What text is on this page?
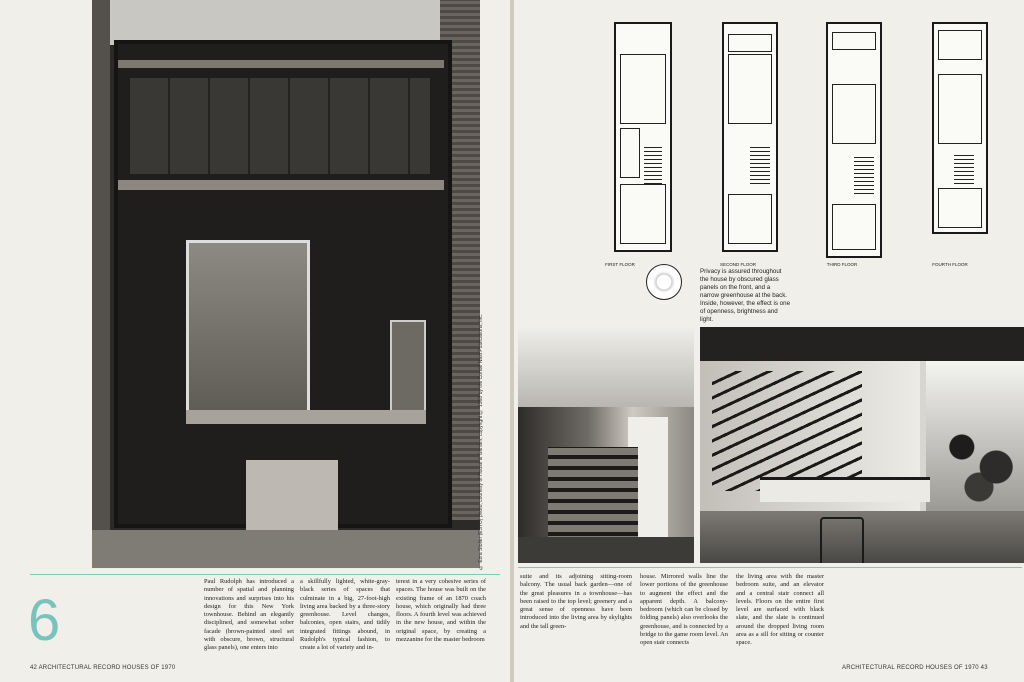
© Ezra Stoller (ESTO) photo, courtesy of House & Garden, copyright © 1968 by the Condé Nast Publications, Inc.
6
Paul Rudolph has introduced a number of spatial and planning innovations and surprises into his design for this New York townhouse. Behind an elegantly disciplined, and somewhat sober facade (brown-painted steel set with obscure, brown, structural glass panels), one enters into
a skillfully lighted, white-gray-black series of spaces that culminate in a big, 27-foot-high living area backed by a three-story greenhouse. Level changes, balconies, open stairs, and tidily integrated fittings abound, in Rudolph's typical fashion, to create a lot of variety and in-
terest in a very cohesive series of spaces. The house was built on the existing frame of an 1870 coach house, which originally had three floors. A fourth level was achieved in the new house, and within the original space, by creating a mezzanine for the master bedroom
42 ARCHITECTURAL RECORD HOUSES OF 1970
FIRST FLOOR	SECOND FLOOR	THIRD FLOOR	FOURTH FLOOR
Privacy is assured throughout the house by obscured glass panels on the front, and a narrow greenhouse at the back. Inside, however, the effect is one of openness, brightness and light.
suite and its adjoining sitting-room balcony. The usual back garden—one of the great pleasures in a townhouse—has been raised to the top level; greenery and a great sense of openness have been introduced into the living area by skylights and the tall green-
house. Mirrored walls line the lower portions of the greenhouse to augment the effect and the apparent depth. A balcony-bedroom (which can be closed by folding panels) also overlooks the greenhouse, and is connected by a bridge to the game room level. An open stair connects
the living area with the master bedroom suite, and an elevator and a central stair connect all levels. Floors on the entire first level are surfaced with black slate, and the slate is continued around the dropped living room area as a sill for sitting or counter space.
ARCHITECTURAL RECORD HOUSES OF 1970 43
